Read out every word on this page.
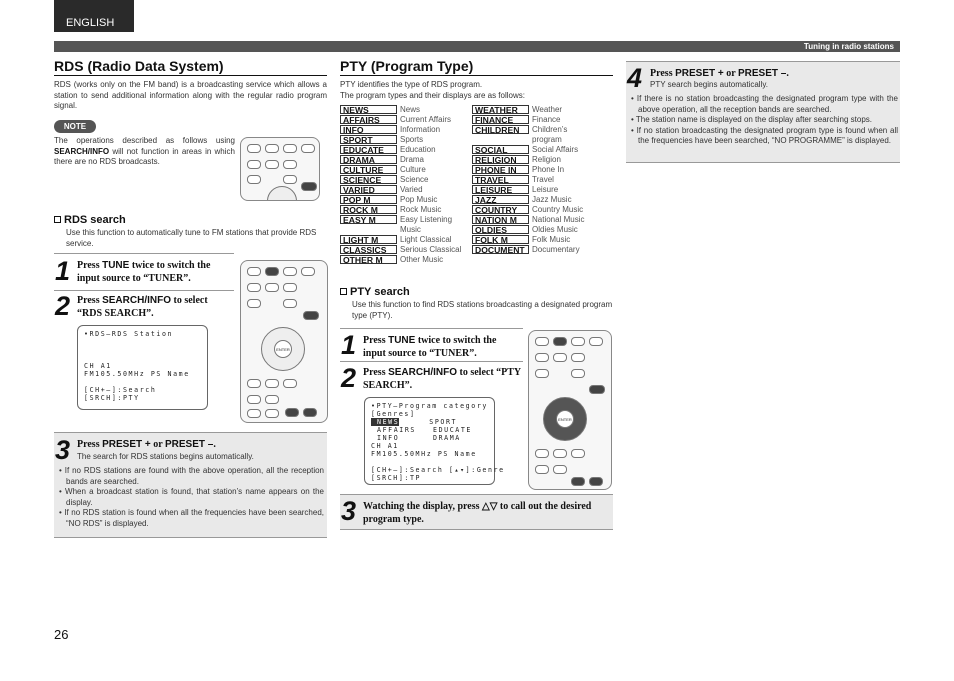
ENGLISH
Tuning in radio stations
RDS (Radio Data System)
RDS (works only on the FM band) is a broadcasting service which allows a station to send additional information along with the regular radio program signal.
NOTE
The operations described as follows using SEARCH/INFO will not function in areas in which there are no RDS broadcasts.
RDS search
Use this function to automatically tune to FM stations that provide RDS service.
1 Press TUNE twice to switch the input source to “TUNER”.
2 Press SEARCH/INFO to select “RDS SEARCH”.
•RDS–RDS Station
CH A1
FM105.50MHz PS Name
[CH+–]:Search
[SRCH]:PTY
ENTER
3 Press PRESET + or PRESET –.
The search for RDS stations begins automatically.
• If no RDS stations are found with the above operation, all the reception bands are searched.
• When a broadcast station is found, that station’s name appears on the display.
• If no RDS station is found when all the frequencies have been searched, “NO RDS” is displayed.
PTY (Program Type)
PTY identifies the type of RDS program.
The program types and their displays are as follows:
NEWS	News
AFFAIRS	Current Affairs
INFO	Information
SPORT	Sports
EDUCATE	Education
DRAMA	Drama
CULTURE	Culture
SCIENCE	Science
VARIED	Varied
POP M	Pop Music
ROCK M	Rock Music
EASY M	Easy Listening
Music
LIGHT M	Light Classical
CLASSICS	Serious Classical
OTHER M	Other Music
WEATHER	Weather
FINANCE	Finance
CHILDREN	Children’s
program
SOCIAL	Social Affairs
RELIGION	Religion
PHONE IN	Phone In
TRAVEL	Travel
LEISURE	Leisure
JAZZ	Jazz Music
COUNTRY	Country Music
NATION M	National Music
OLDIES	Oldies Music
FOLK M	Folk Music
DOCUMENT Documentary
PTY search
Use this function to find RDS stations broadcasting a designated program type (PTY).
1 Press TUNE twice to switch the input source to “TUNER”.
2 Press SEARCH/INFO to select “PTY SEARCH”.
•PTY–Program category
[Genres]
NEWS	SPORT
AFFAIRS	EDUCATE
INFO	DRAMA
CH A1
FM105.50MHz PS Name
[CH+–]:Search [▴▾]:Genre
[SRCH]:TP
ENTER
3 Watching the display, press △▽ to call out the desired program type.
4 Press PRESET + or PRESET –.
PTY search begins automatically.
• If there is no station broadcasting the designated program type with the above operation, all the reception bands are searched.
• The station name is displayed on the display after searching stops.
• If no station broadcasting the designated program type is found when all the frequencies have been searched, “NO PROGRAMME” is displayed.
26
